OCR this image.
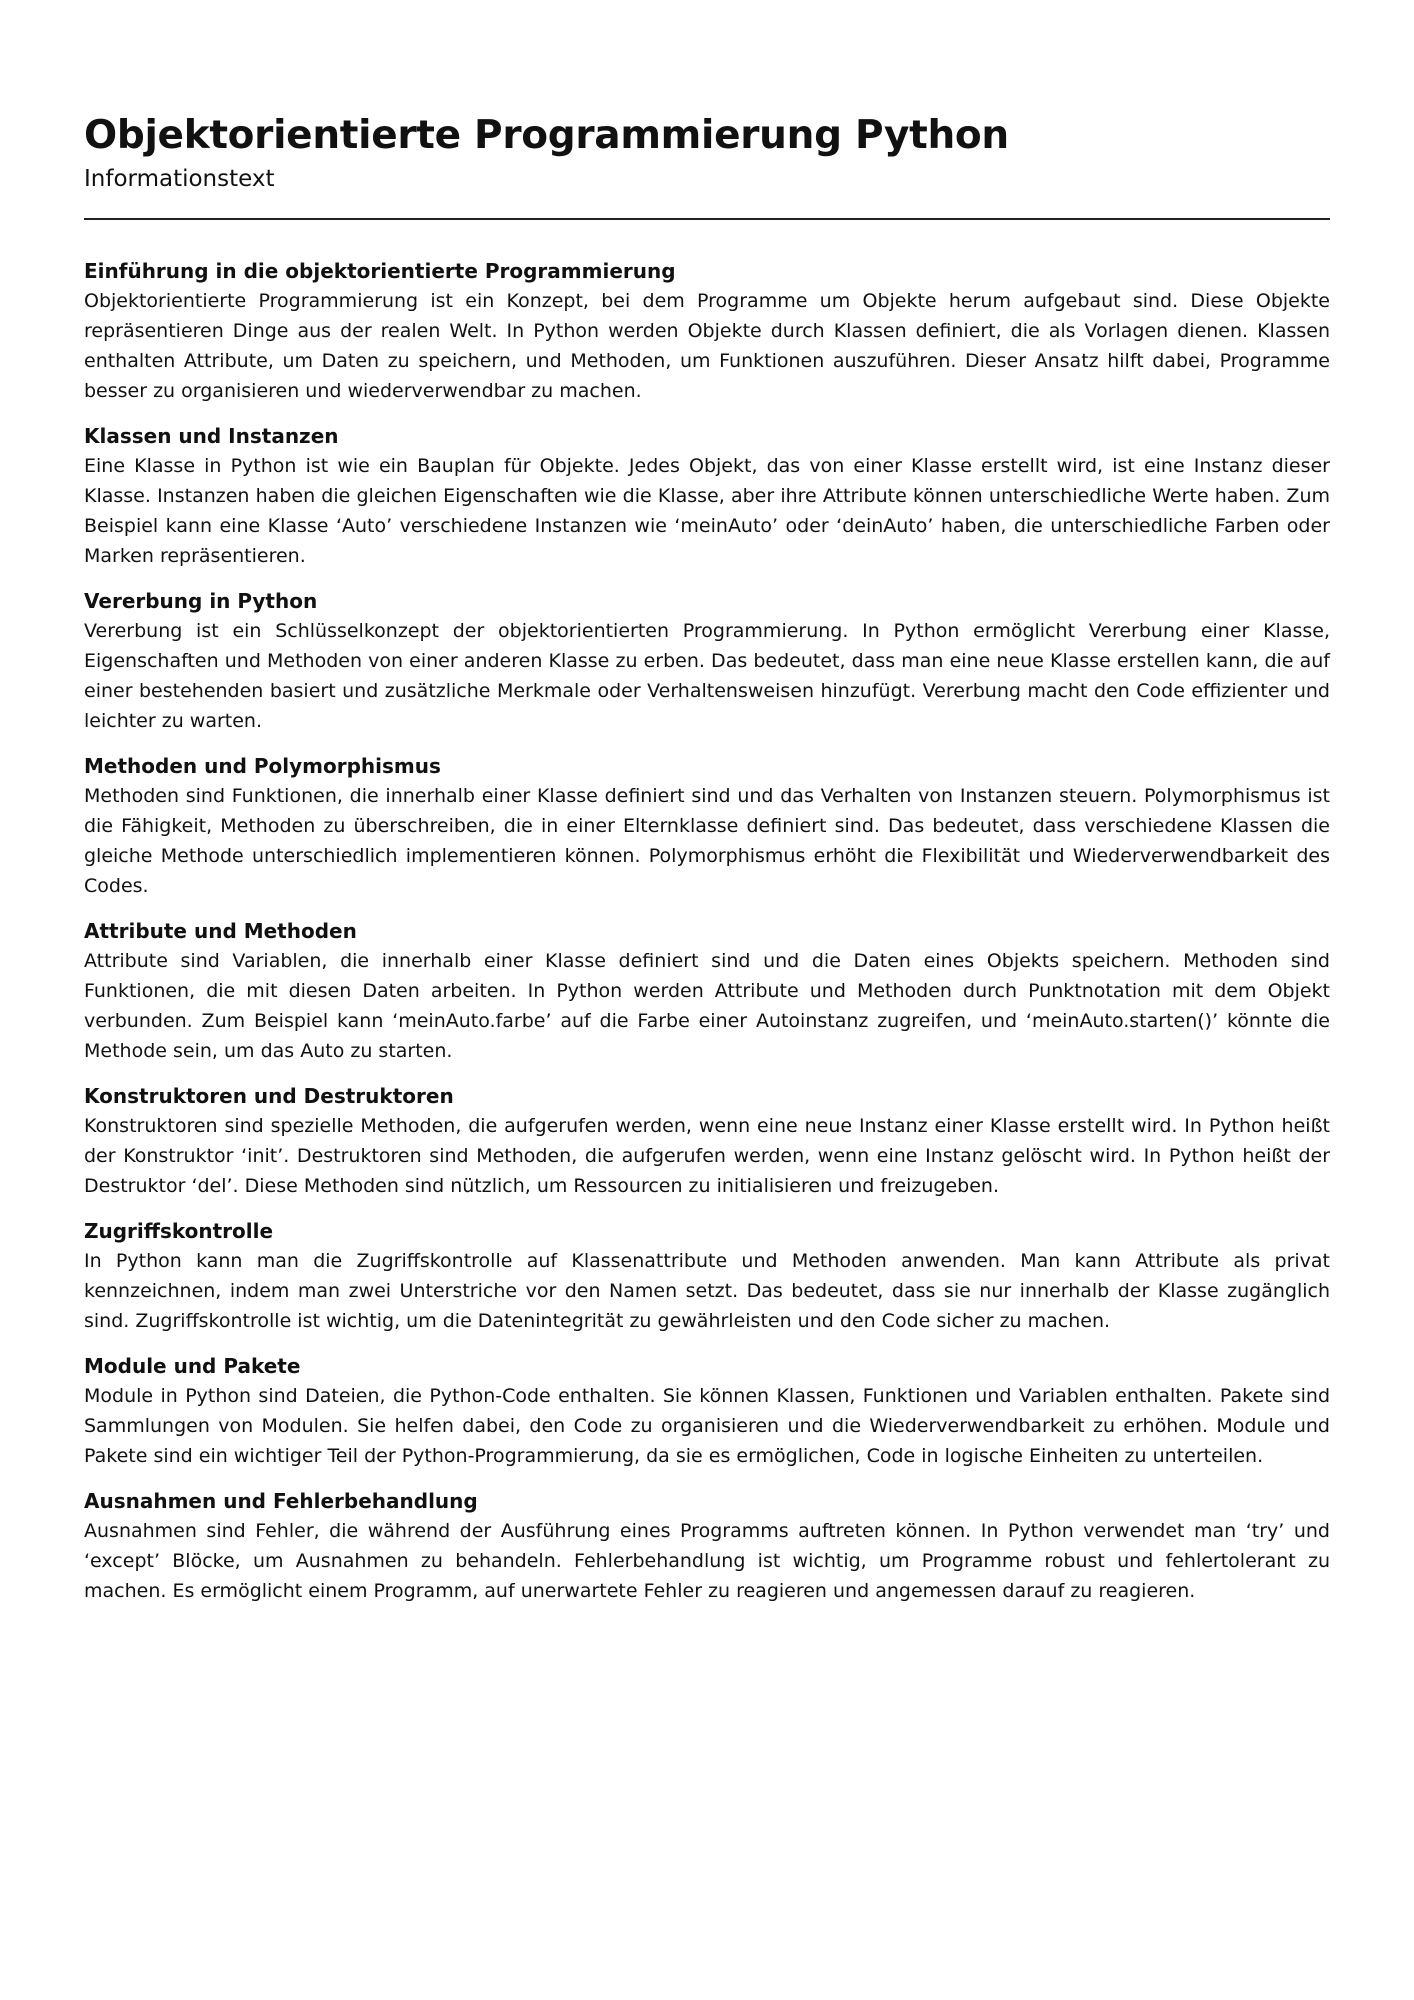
Objektorientierte Programmierung Python
Informationstext
Einführung in die objektorientierte Programmierung

Objektorientierte Programmierung ist ein Konzept, bei dem Programme um Objekte herum aufgebaut sind. Diese Objekte repräsentieren Dinge aus der realen Welt. In Python werden Objekte durch Klassen definiert, die als Vorlagen dienen. Klassen enthalten Attribute, um Daten zu speichern, und Methoden, um Funktionen auszuführen. Dieser Ansatz hilft dabei, Programme besser zu organisieren und wiederverwendbar zu machen.

Klassen und Instanzen

Eine Klasse in Python ist wie ein Bauplan für Objekte. Jedes Objekt, das von einer Klasse erstellt wird, ist eine Instanz dieser Klasse. Instanzen haben die gleichen Eigenschaften wie die Klasse, aber ihre Attribute können unterschiedliche Werte haben. Zum Beispiel kann eine Klasse ‘Auto’ verschiedene Instanzen wie ‘meinAuto’ oder ‘deinAuto’ haben, die unterschiedliche Farben oder Marken repräsentieren.

Vererbung in Python

Vererbung ist ein Schlüsselkonzept der objektorientierten Programmierung. In Python ermöglicht Vererbung einer Klasse, Eigenschaften und Methoden von einer anderen Klasse zu erben. Das bedeutet, dass man eine neue Klasse erstellen kann, die auf einer bestehenden basiert und zusätzliche Merkmale oder Verhaltensweisen hinzufügt. Vererbung macht den Code effizienter und leichter zu warten.

Methoden und Polymorphismus

Methoden sind Funktionen, die innerhalb einer Klasse definiert sind und das Verhalten von Instanzen steuern. Polymorphismus ist die Fähigkeit, Methoden zu überschreiben, die in einer Elternklasse definiert sind. Das bedeutet, dass verschiedene Klassen die gleiche Methode unterschiedlich implementieren können. Polymorphismus erhöht die Flexibilität und Wiederverwendbarkeit des Codes.

Attribute und Methoden

Attribute sind Variablen, die innerhalb einer Klasse definiert sind und die Daten eines Objekts speichern. Methoden sind Funktionen, die mit diesen Daten arbeiten. In Python werden Attribute und Methoden durch Punktnotation mit dem Objekt verbunden. Zum Beispiel kann ‘meinAuto.farbe’ auf die Farbe einer Autoinstanz zugreifen, und ‘meinAuto.starten()’ könnte die Methode sein, um das Auto zu starten.

Konstruktoren und Destruktoren

Konstruktoren sind spezielle Methoden, die aufgerufen werden, wenn eine neue Instanz einer Klasse erstellt wird. In Python heißt der Konstruktor ‘init’. Destruktoren sind Methoden, die aufgerufen werden, wenn eine Instanz gelöscht wird. In Python heißt der Destruktor ‘del’. Diese Methoden sind nützlich, um Ressourcen zu initialisieren und freizugeben.

Zugriffskontrolle

In Python kann man die Zugriffskontrolle auf Klassenattribute und Methoden anwenden. Man kann Attribute als privat kennzeichnen, indem man zwei Unterstriche vor den Namen setzt. Das bedeutet, dass sie nur innerhalb der Klasse zugänglich sind. Zugriffskontrolle ist wichtig, um die Datenintegrität zu gewährleisten und den Code sicher zu machen.

Module und Pakete

Module in Python sind Dateien, die Python-Code enthalten. Sie können Klassen, Funktionen und Variablen enthalten. Pakete sind Sammlungen von Modulen. Sie helfen dabei, den Code zu organisieren und die Wiederverwendbarkeit zu erhöhen. Module und Pakete sind ein wichtiger Teil der Python-Programmierung, da sie es ermöglichen, Code in logische Einheiten zu unterteilen.

Ausnahmen und Fehlerbehandlung

Ausnahmen sind Fehler, die während der Ausführung eines Programms auftreten können. In Python verwendet man ‘try’ und ‘except’ Blöcke, um Ausnahmen zu behandeln. Fehlerbehandlung ist wichtig, um Programme robust und fehlertolerant zu machen. Es ermöglicht einem Programm, auf unerwartete Fehler zu reagieren und angemessen darauf zu reagieren.
